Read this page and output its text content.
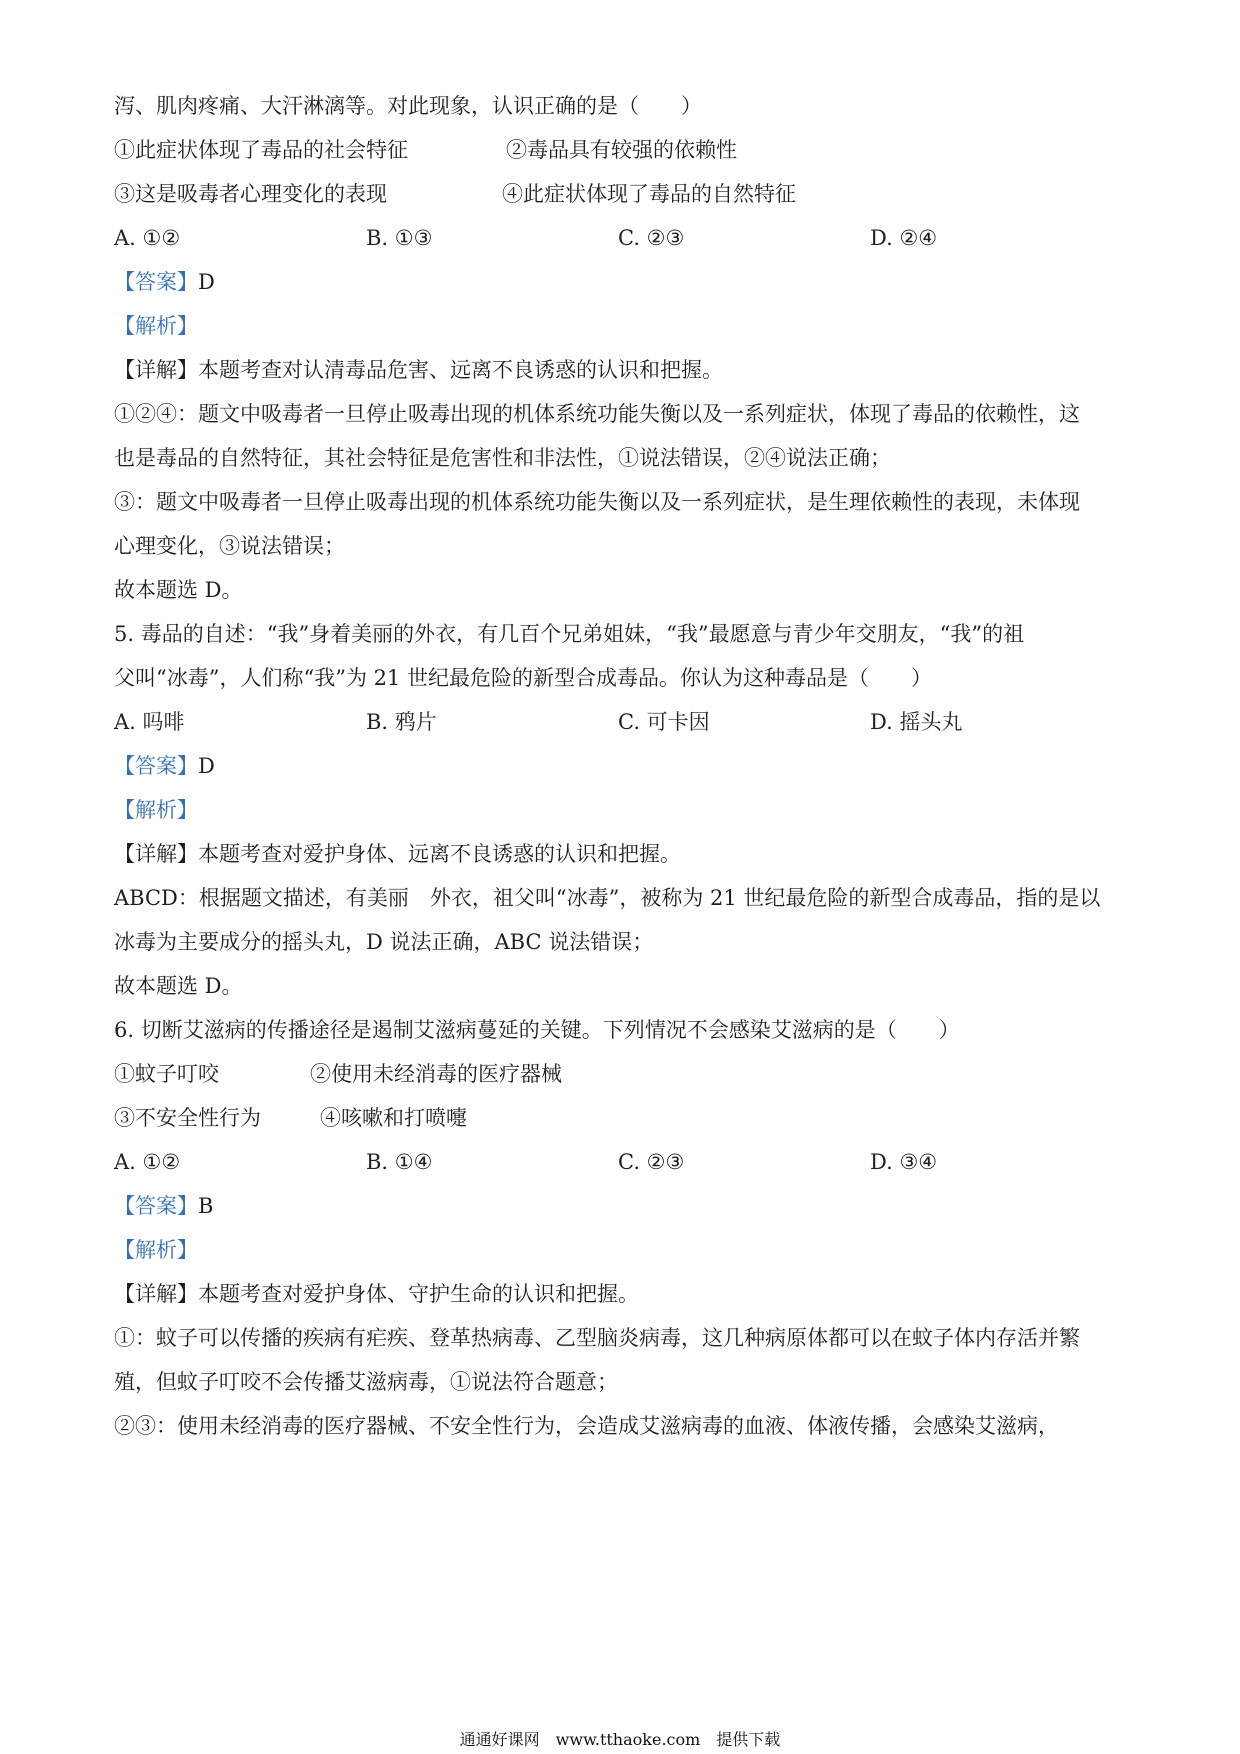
泻、肌肉疼痛、大汗淋漓等。对此现象，认识正确的是（　　）
①此症状体现了毒品的社会特征	②毒品具有较强的依赖性
③这是吸毒者心理变化的表现	④此症状体现了毒品的自然特征
A. ①②	B. ①③	C. ②③	D. ②④
【答案】D
【解析】
【详解】本题考查对认清毒品危害、远离不良诱惑的认识和把握。
①②④：题文中吸毒者一旦停止吸毒出现的机体系统功能失衡以及一系列症状，体现了毒品的依赖性，这
也是毒品的自然特征，其社会特征是危害性和非法性，①说法错误，②④说法正确；
③：题文中吸毒者一旦停止吸毒出现的机体系统功能失衡以及一系列症状，是生理依赖性的表现，未体现
心理变化，③说法错误；
故本题选 D。
5. 毒品的自述：“我”身着美丽的外衣，有几百个兄弟姐妹，“我”最愿意与青少年交朋友，“我”的祖
父叫“冰毒”，人们称“我”为 21 世纪最危险的新型合成毒品。你认为这种毒品是（　　）
A. 吗啡	B. 鸦片	C. 可卡因	D. 摇头丸
【答案】D
【解析】
【详解】本题考查对爱护身体、远离不良诱惑的认识和把握。
ABCD：根据题文描述，有美丽　外衣，祖父叫“冰毒”，被称为 21 世纪最危险的新型合成毒品，指的是以
冰毒为主要成分的摇头丸，D 说法正确，ABC 说法错误；
故本题选 D。
6. 切断艾滋病的传播途径是遏制艾滋病蔓延的关键。下列情况不会感染艾滋病的是（　　）
①蚊子叮咬	②使用未经消毒的医疗器械
③不安全性行为	④咳嗽和打喷嚏
A. ①②	B. ①④	C. ②③	D. ③④
【答案】B
【解析】
【详解】本题考查对爱护身体、守护生命的认识和把握。
①：蚊子可以传播的疾病有疟疾、登革热病毒、乙型脑炎病毒，这几种病原体都可以在蚊子体内存活并繁
殖，但蚊子叮咬不会传播艾滋病毒，①说法符合题意；
②③：使用未经消毒的医疗器械、不安全性行为，会造成艾滋病毒的血液、体液传播，会感染艾滋病，
通通好课网　www.tthaoke.com　提供下载
